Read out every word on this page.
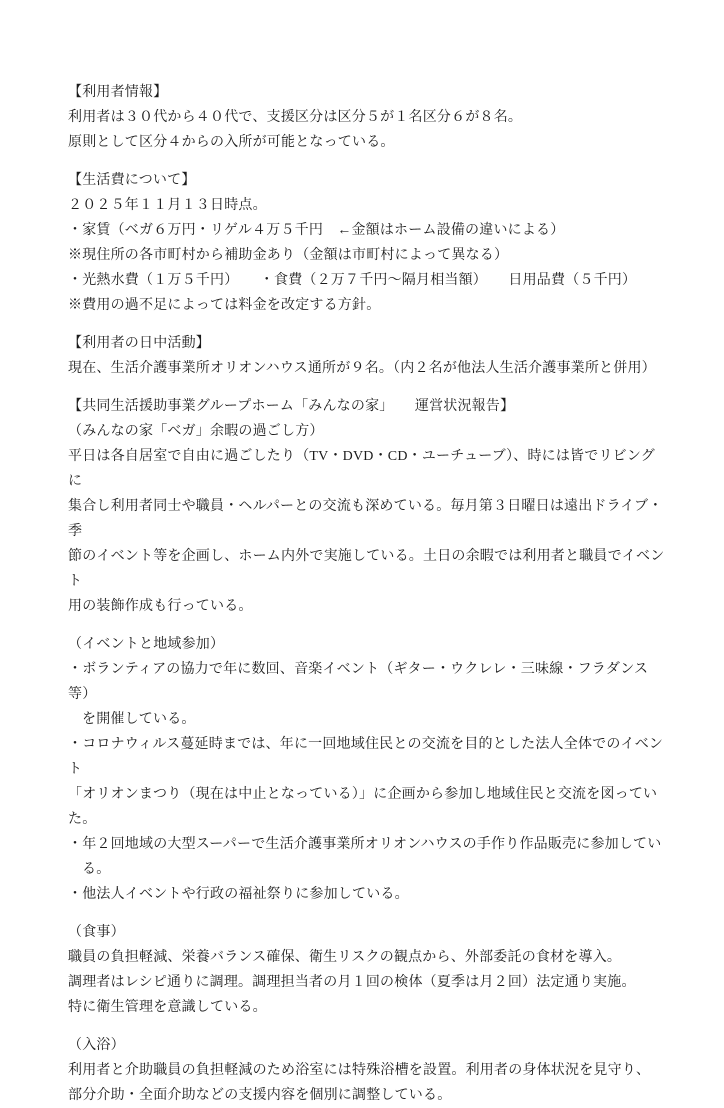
【利用者情報】
利用者は３０代から４０代で、支援区分は区分５が１名区分６が８名。
原則として区分４からの入所が可能となっている。
【生活費について】
２０２５年１１月１３日時点。
・家賃（ベガ６万円・リゲル４万５千円　←金額はホーム設備の違いによる）
※現住所の各市町村から補助金あり（金額は市町村によって異なる）
・光熱水費（１万５千円）　　・食費（２万７千円～隔月相当額）　　日用品費（５千円）
※費用の過不足によっては料金を改定する方針。
【利用者の日中活動】
現在、生活介護事業所オリオンハウス通所が９名。（内２名が他法人生活介護事業所と併用）
【共同生活援助事業グループホーム「みんなの家」　　運営状況報告】
（みんなの家「ベガ」余暇の過ごし方）
平日は各自居室で自由に過ごしたり（TV・DVD・CD・ユーチューブ）、時には皆でリビングに
集合し利用者同士や職員・ヘルパーとの交流も深めている。毎月第３日曜日は遠出ドライブ・季
節のイベント等を企画し、ホーム内外で実施している。土日の余暇では利用者と職員でイベント
用の装飾作成も行っている。
（イベントと地域参加）
・ボランティアの協力で年に数回、音楽イベント（ギター・ウクレレ・三味線・フラダンス等）
を開催している。
・コロナウィルス蔓延時までは、年に一回地域住民との交流を目的とした法人全体でのイベント
「オリオンまつり（現在は中止となっている）」に企画から参加し地域住民と交流を図っていた。
・年２回地域の大型スーパーで生活介護事業所オリオンハウスの手作り作品販売に参加してい
る。
・他法人イベントや行政の福祉祭りに参加している。
（食事）
職員の負担軽減、栄養バランス確保、衛生リスクの観点から、外部委託の食材を導入。
調理者はレシピ通りに調理。調理担当者の月１回の検体（夏季は月２回）法定通り実施。
特に衛生管理を意識している。
（入浴）
利用者と介助職員の負担軽減のため浴室には特殊浴槽を設置。利用者の身体状況を見守り、
部分介助・全面介助などの支援内容を個別に調整している。
